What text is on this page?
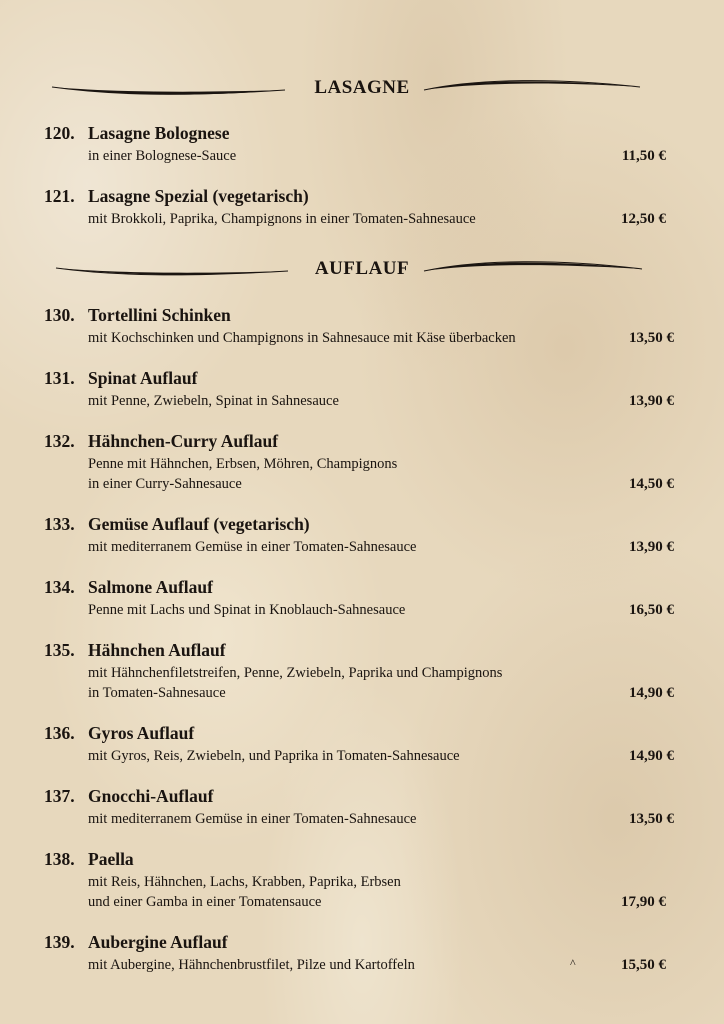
LASAGNE
120. Lasagne Bolognese
in einer Bolognese-Sauce	11,50 €
121. Lasagne Spezial (vegetarisch)
mit Brokkoli, Paprika, Champignons in einer Tomaten-Sahnesauce	12,50 €
AUFLAUF
130. Tortellini Schinken
mit Kochschinken und Champignons in Sahnesauce mit Käse überbacken	13,50 €
131. Spinat Auflauf
mit Penne, Zwiebeln, Spinat in Sahnesauce	13,90 €
132. Hähnchen-Curry Auflauf
Penne mit Hähnchen, Erbsen, Möhren, Champignons
in einer Curry-Sahnesauce	14,50 €
133. Gemüse Auflauf (vegetarisch)
mit mediterranem Gemüse in einer Tomaten-Sahnesauce	13,90 €
134. Salmone Auflauf
Penne mit Lachs und Spinat in Knoblauch-Sahnesauce	16,50 €
135. Hähnchen Auflauf
mit Hähnchenfiletstreifen, Penne, Zwiebeln, Paprika und Champignons
in Tomaten-Sahnesauce	14,90 €
136. Gyros Auflauf
mit Gyros, Reis, Zwiebeln, und Paprika in Tomaten-Sahnesauce	14,90 €
137. Gnocchi-Auflauf
mit mediterranem Gemüse in einer Tomaten-Sahnesauce	13,50 €
138. Paella
mit Reis, Hähnchen, Lachs, Krabben, Paprika, Erbsen
und einer Gamba in einer Tomatensauce	17,90 €
139. Aubergine Auflauf
mit Aubergine, Hähnchenbrustfilet, Pilze und Kartoffeln	^	15,50 €
